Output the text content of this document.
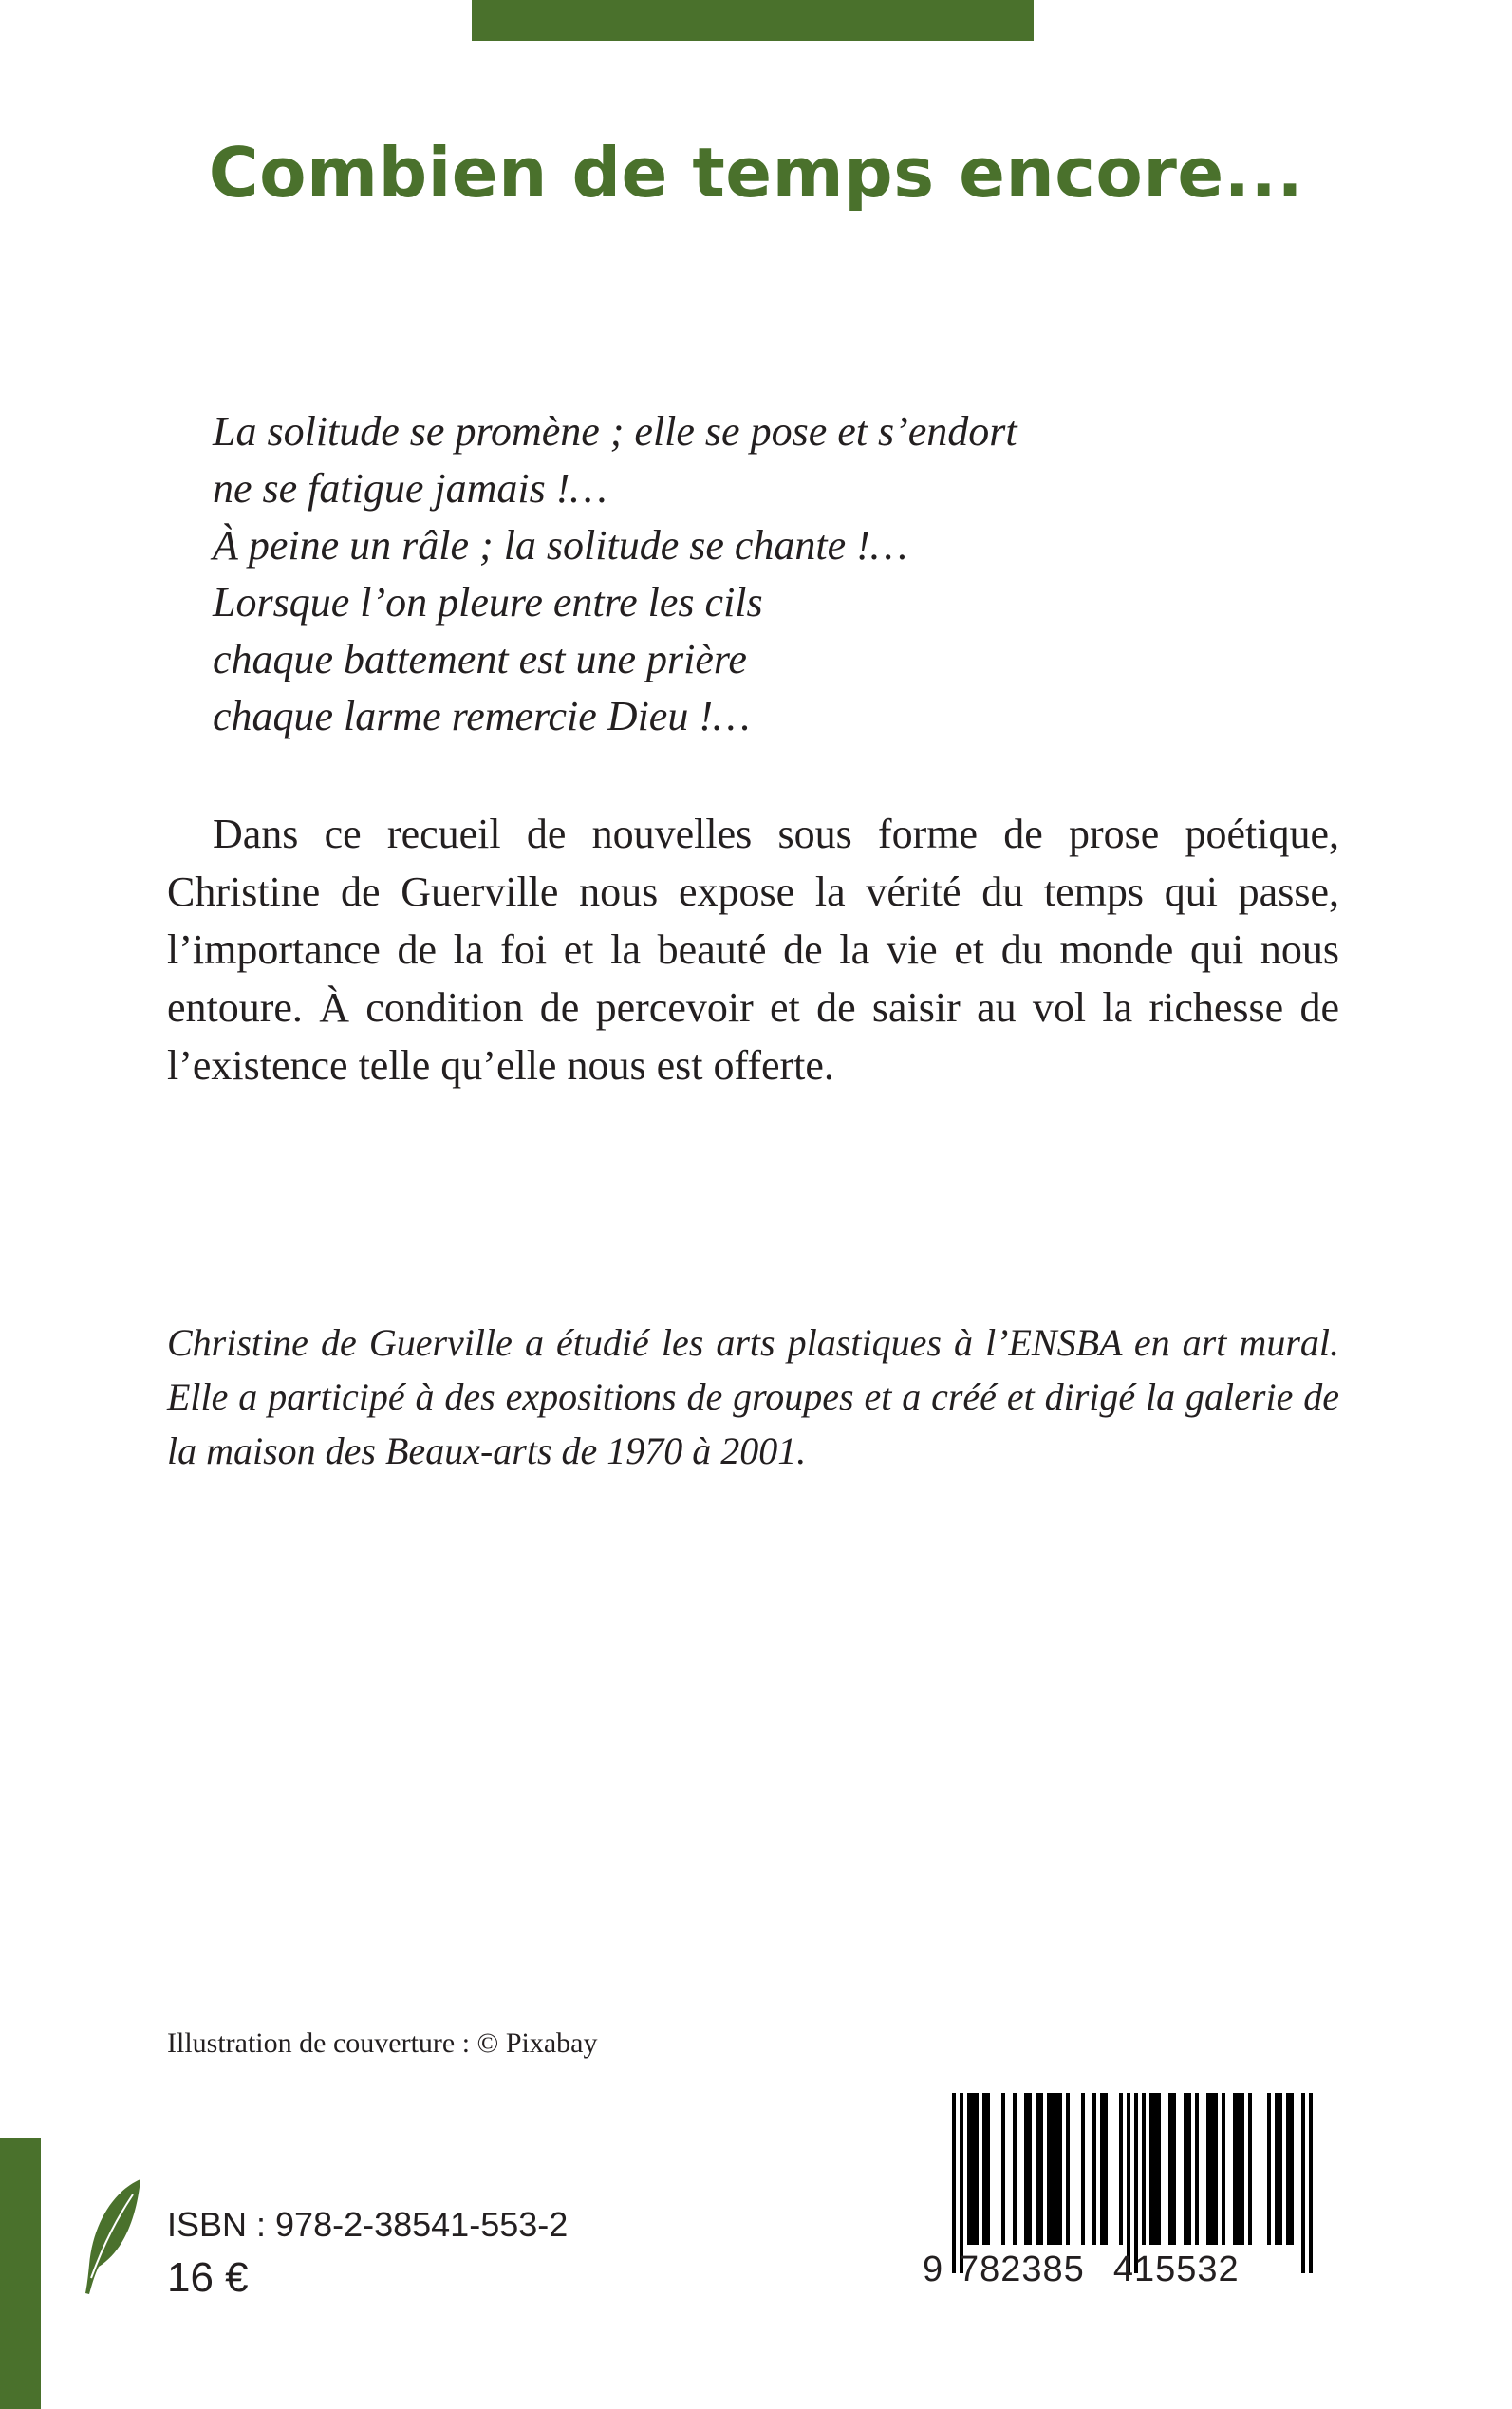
Combien de temps encore...
La solitude se promène ; elle se pose et s’endort
ne se fatigue jamais !…
À peine un râle ; la solitude se chante !…
Lorsque l’on pleure entre les cils
chaque battement est une prière
chaque larme remercie Dieu !…

Dans ce recueil de nouvelles sous forme de prose poétique, Christine de Guerville nous expose la vérité du temps qui passe, l’importance de la foi et la beauté de la vie et du monde qui nous entoure. À condition de percevoir et de saisir au vol la richesse de l’existence telle qu’elle nous est offerte.

Christine de Guerville a étudié les arts plastiques à l’ENSBA en art mural. Elle a participé à des expositions de groupes et a créé et dirigé la galerie de la maison des Beaux-arts de 1970 à 2001.

Illustration de couverture : © Pixabay

ISBN : 978-2-38541-553-2

16 €	9 782385 415532
